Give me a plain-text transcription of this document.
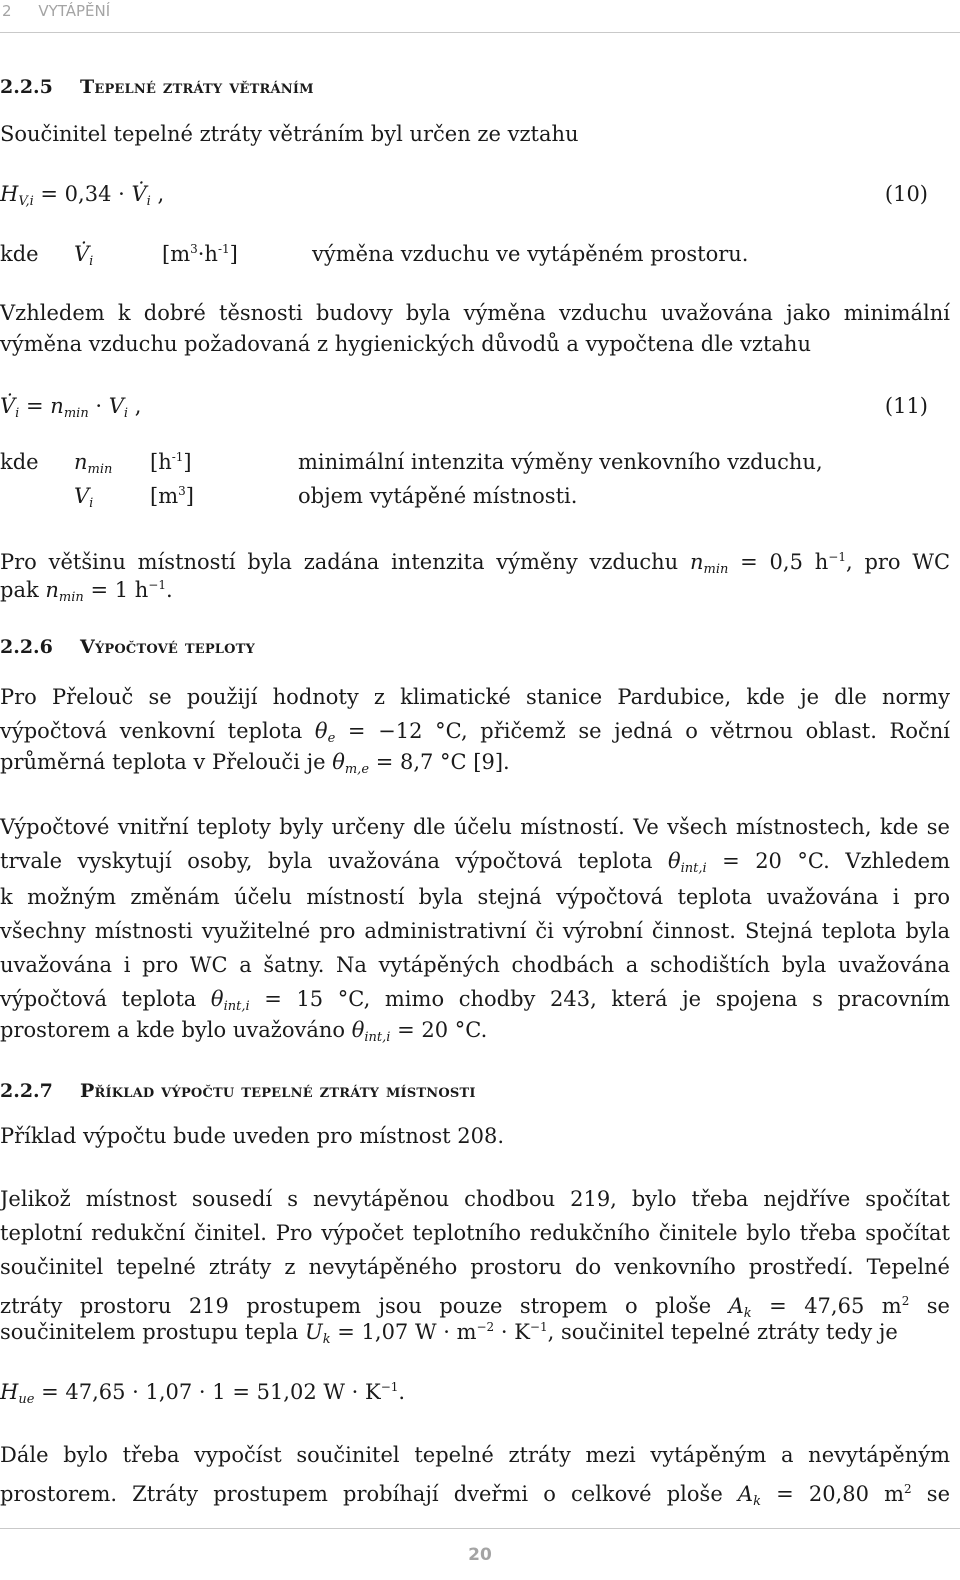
2 VYTÁPĚNÍ
2.2.5 Tepelné ztráty větráním
Součinitel tepelné ztráty větráním byl určen ze vztahu
$H_{V,i} = 0,34$ · $V̇_i$ ,	(10)
kde $V̇_i$	$[m^3\cdot h^{-1}]$	výměna vzduchu ve vytápěném prostoru.
Vzhledem k dobré těsnosti budovy byla výměna vzduchu uvažována jako minimální
výměna vzduchu požadovaná z hygienických důvodů a vypočtena dle vztahu
$V̇_i = n_{min} \cdot V_i$ ,	(11)
kde $n_{min}$ $[h^{-1}]$	minimální intenzita výměny venkovního vzduchu,
$V_i$	$[m^3]$	objem vytápěné místnosti.
Pro většinu místností byla zadána intenzita výměny vzduchu $n_{min} = 0,5$ $h^{-1}$, pro WC
pak $n_{min} = 1$ $h^{-1}$.
2.2.6 Výpočtové teploty
Pro Přelouč se použijí hodnoty z klimatické stanice Pardubice, kde je dle normy
výpočtová venkovní teplota $\theta_e = -12$ °C, přičemž se jedná o větrnou oblast. Roční
průměrná teplota v Přelouči je $\theta_{m,e} = 8,7$ °C [9].
Výpočtové vnitřní teploty byly určeny dle účelu místností. Ve všech místnostech, kde se
trvale vyskytují osoby, byla uvažována výpočtová teplota $\theta_{int,i} = 20$ °C. Vzhledem
k možným změnám účelu místností byla stejná výpočtová teplota uvažována i pro
všechny místnosti využitelné pro administrativní či výrobní činnost. Stejná teplota byla
uvažována i pro WC a šatny. Na vytápěných chodbách a schodištích byla uvažována
výpočtová teplota $\theta_{int,i} = 15$ °C, mimo chodby 243, která je spojena s pracovním
prostorem a kde bylo uvažováno $\theta_{int,i} = 20$ °C.
2.2.7 Příklad výpočtu tepelné ztráty místnosti
Příklad výpočtu bude uveden pro místnost 208.
Jelikož místnost sousedí s nevytápěnou chodbou 219, bylo třeba nejdříve spočítat
teplotní redukční činitel. Pro výpočet teplotního redukčního činitele bylo třeba spočítat
součinitel tepelné ztráty z nevytápěného prostoru do venkovního prostředí. Tepelné
ztráty prostoru 219 prostupem jsou pouze stropem o ploše $A_k = 47,65$ $m^2$ se
součinitelem prostupu tepla $U_k = 1,07$ $W \cdot m^{-2} \cdot K^{-1}$, součinitel tepelné ztráty tedy je
$H_{ue} = 47,65 \cdot 1,07 \cdot 1 = 51,02$ $W \cdot K^{-1}$.
Dále bylo třeba vypočíst součinitel tepelné ztráty mezi vytápěným a nevytápěným
prostorem. Ztráty prostupem probíhají dveřmi o celkové ploše $A_k = 20,80$ $m^2$ se
20
